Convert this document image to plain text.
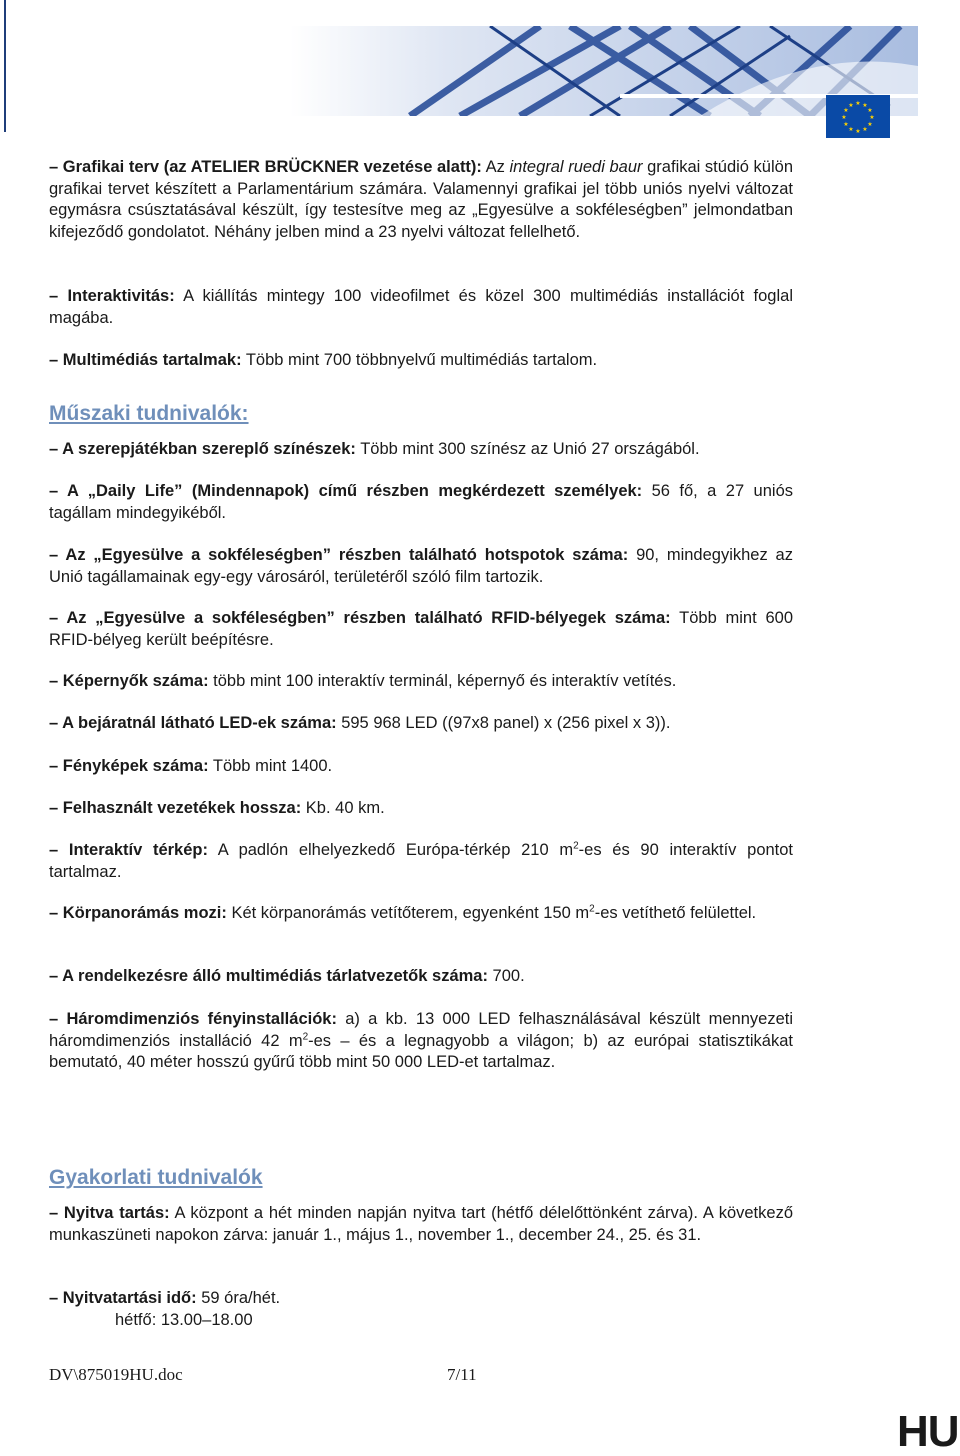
★ ★
★
★
★
★
★
★
★
★
★
★

– Grafikai terv (az ATELIER BRÜCKNER vezetése alatt): Az integral ruedi baur grafikai stúdió külön grafikai tervet készített a Parlamentárium számára. Valamennyi grafikai jel több uniós nyelvi változat egymásra csúsztatásával készült, így testesítve meg az „Egyesülve a sokféleségben” jelmondatban kifejeződő gondolatot. Néhány jelben mind a 23 nyelvi változat fellelhető.

– Interaktivitás: A kiállítás mintegy 100 videofilmet és közel 300 multimédiás installációt foglal magába.

– Multimédiás tartalmak: Több mint 700 többnyelvű multimédiás tartalom.

Műszaki tudnivalók:

– A szerepjátékban szereplő színészek: Több mint 300 színész az Unió 27 országából.

– A „Daily Life” (Mindennapok) című részben megkérdezett személyek: 56 fő, a 27 uniós tagállam mindegyikéből.

– Az „Egyesülve a sokféleségben” részben található hotspotok száma: 90, mindegyikhez az Unió tagállamainak egy-egy városáról, területéről szóló film tartozik.

– Az „Egyesülve a sokféleségben” részben található RFID-bélyegek száma: Több mint 600 RFID-bélyeg került beépítésre.

– Képernyők száma: több mint 100 interaktív terminál, képernyő és interaktív vetítés.

– A bejáratnál látható LED-ek száma: 595 968 LED ((97x8 panel) x (256 pixel x 3)).

– Fényképek száma: Több mint 1400.

– Felhasznált vezetékek hossza: Kb. 40 km.

– Interaktív térkép: A padlón elhelyezkedő Európa-térkép 210 $m^2-es$ és 90 interaktív pontot tartalmaz.

– Körpanorámás mozi: Két körpanorámás vetítőterem, egyenként 150 $m^2-es$ vetíthető felülettel.

– A rendelkezésre álló multimédiás tárlatvezetők száma: 700.

– Háromdimenziós fényinstallációk: a) a kb. 13 000 LED felhasználásával készült mennyezeti háromdimenziós installáció 42 $m^2-es$ – és a legnagyobb a világon; b) az európai statisztikákat bemutató, 40 méter hosszú gyűrű több mint 50 000 LED-et tartalmaz.

Gyakorlati tudnivalók

– Nyitva tartás: A központ a hét minden napján nyitva tart (hétfő délelőttönként zárva). A következő munkaszüneti napokon zárva: január 1., május 1., november 1., december 24., 25. és 31.

– Nyitvatartási idő: 59 óra/hét.
hétfő: 13.00–18.00
DV\875019HU.doc	7/11
HU
